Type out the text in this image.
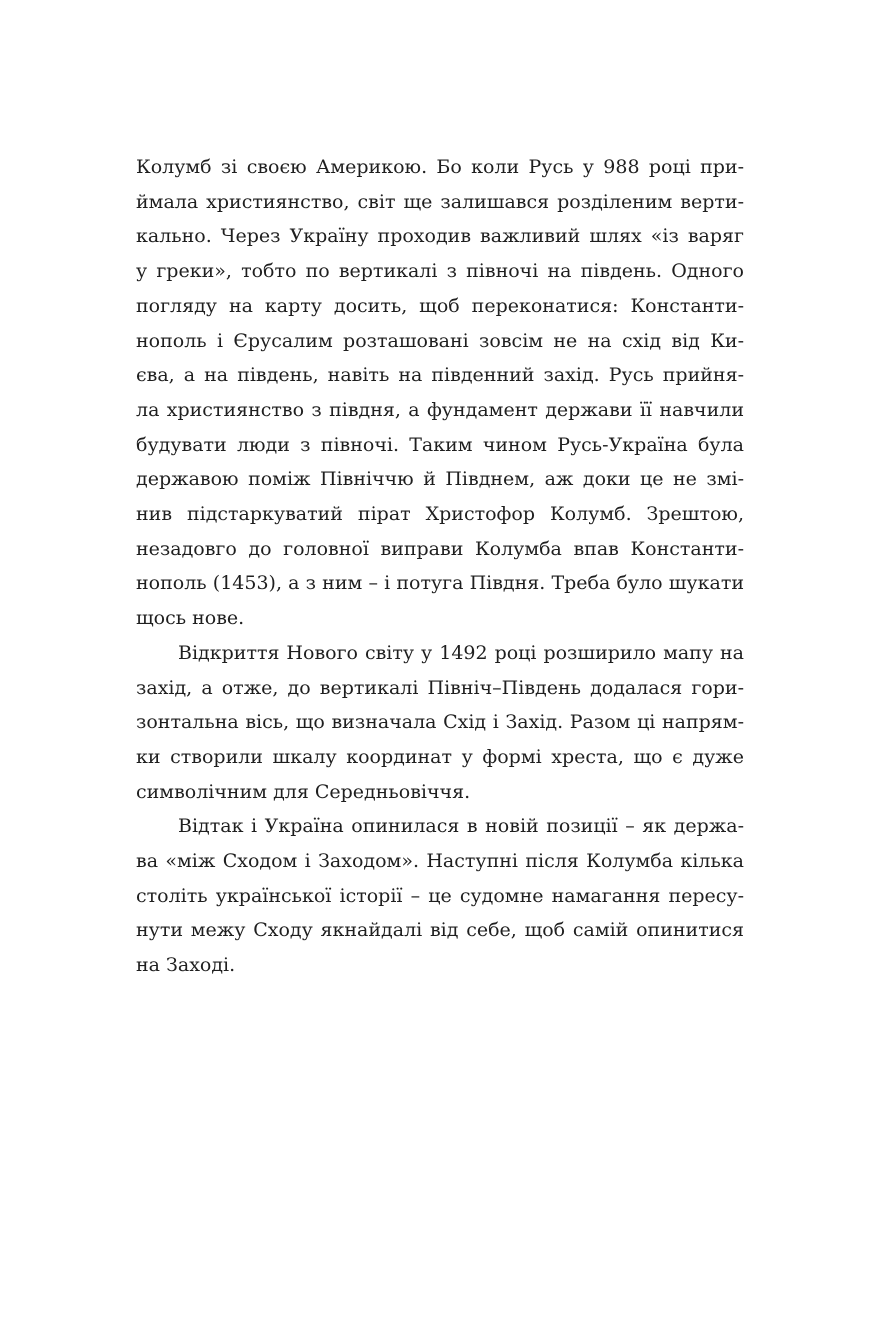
Колумб зі своєю Америкою. Бо коли Русь у 988 році при-
ймала християнство, світ ще залишався розділеним верти-
кально. Через Україну проходив важливий шлях «із варяг
у греки», тобто по вертикалі з півночі на південь. Одного
погляду на карту досить, щоб переконатися: Константи-
нополь і Єрусалим розташовані зовсім не на схід від Ки-
єва, а на південь, навіть на південний захід. Русь прийня-
ла християнство з півдня, а фундамент держави її навчили
будувати люди з півночі. Таким чином Русь-Україна була
державою поміж Північчю й Півднем, аж доки це не змі-
нив підстаркуватий пірат Христофор Колумб. Зрештою,
незадовго до головної виправи Колумба впав Константи-
нополь (1453), а з ним – і потуга Півдня. Треба було шукати
щось нове.

Відкриття Нового світу у 1492 році розширило мапу на
захід, а отже, до вертикалі Північ–Південь додалася гори-
зонтальна вісь, що визначала Схід і Захід. Разом ці напрям-
ки створили шкалу координат у формі хреста, що є дуже
символічним для Середньовіччя.

Відтак і Україна опинилася в новій позиції – як держа-
ва «між Сходом і Заходом». Наступні після Колумба кілька
століть української історії – це судомне намагання пересу-
нути межу Сходу якнайдалі від себе, щоб самій опинитися
на Заході.
